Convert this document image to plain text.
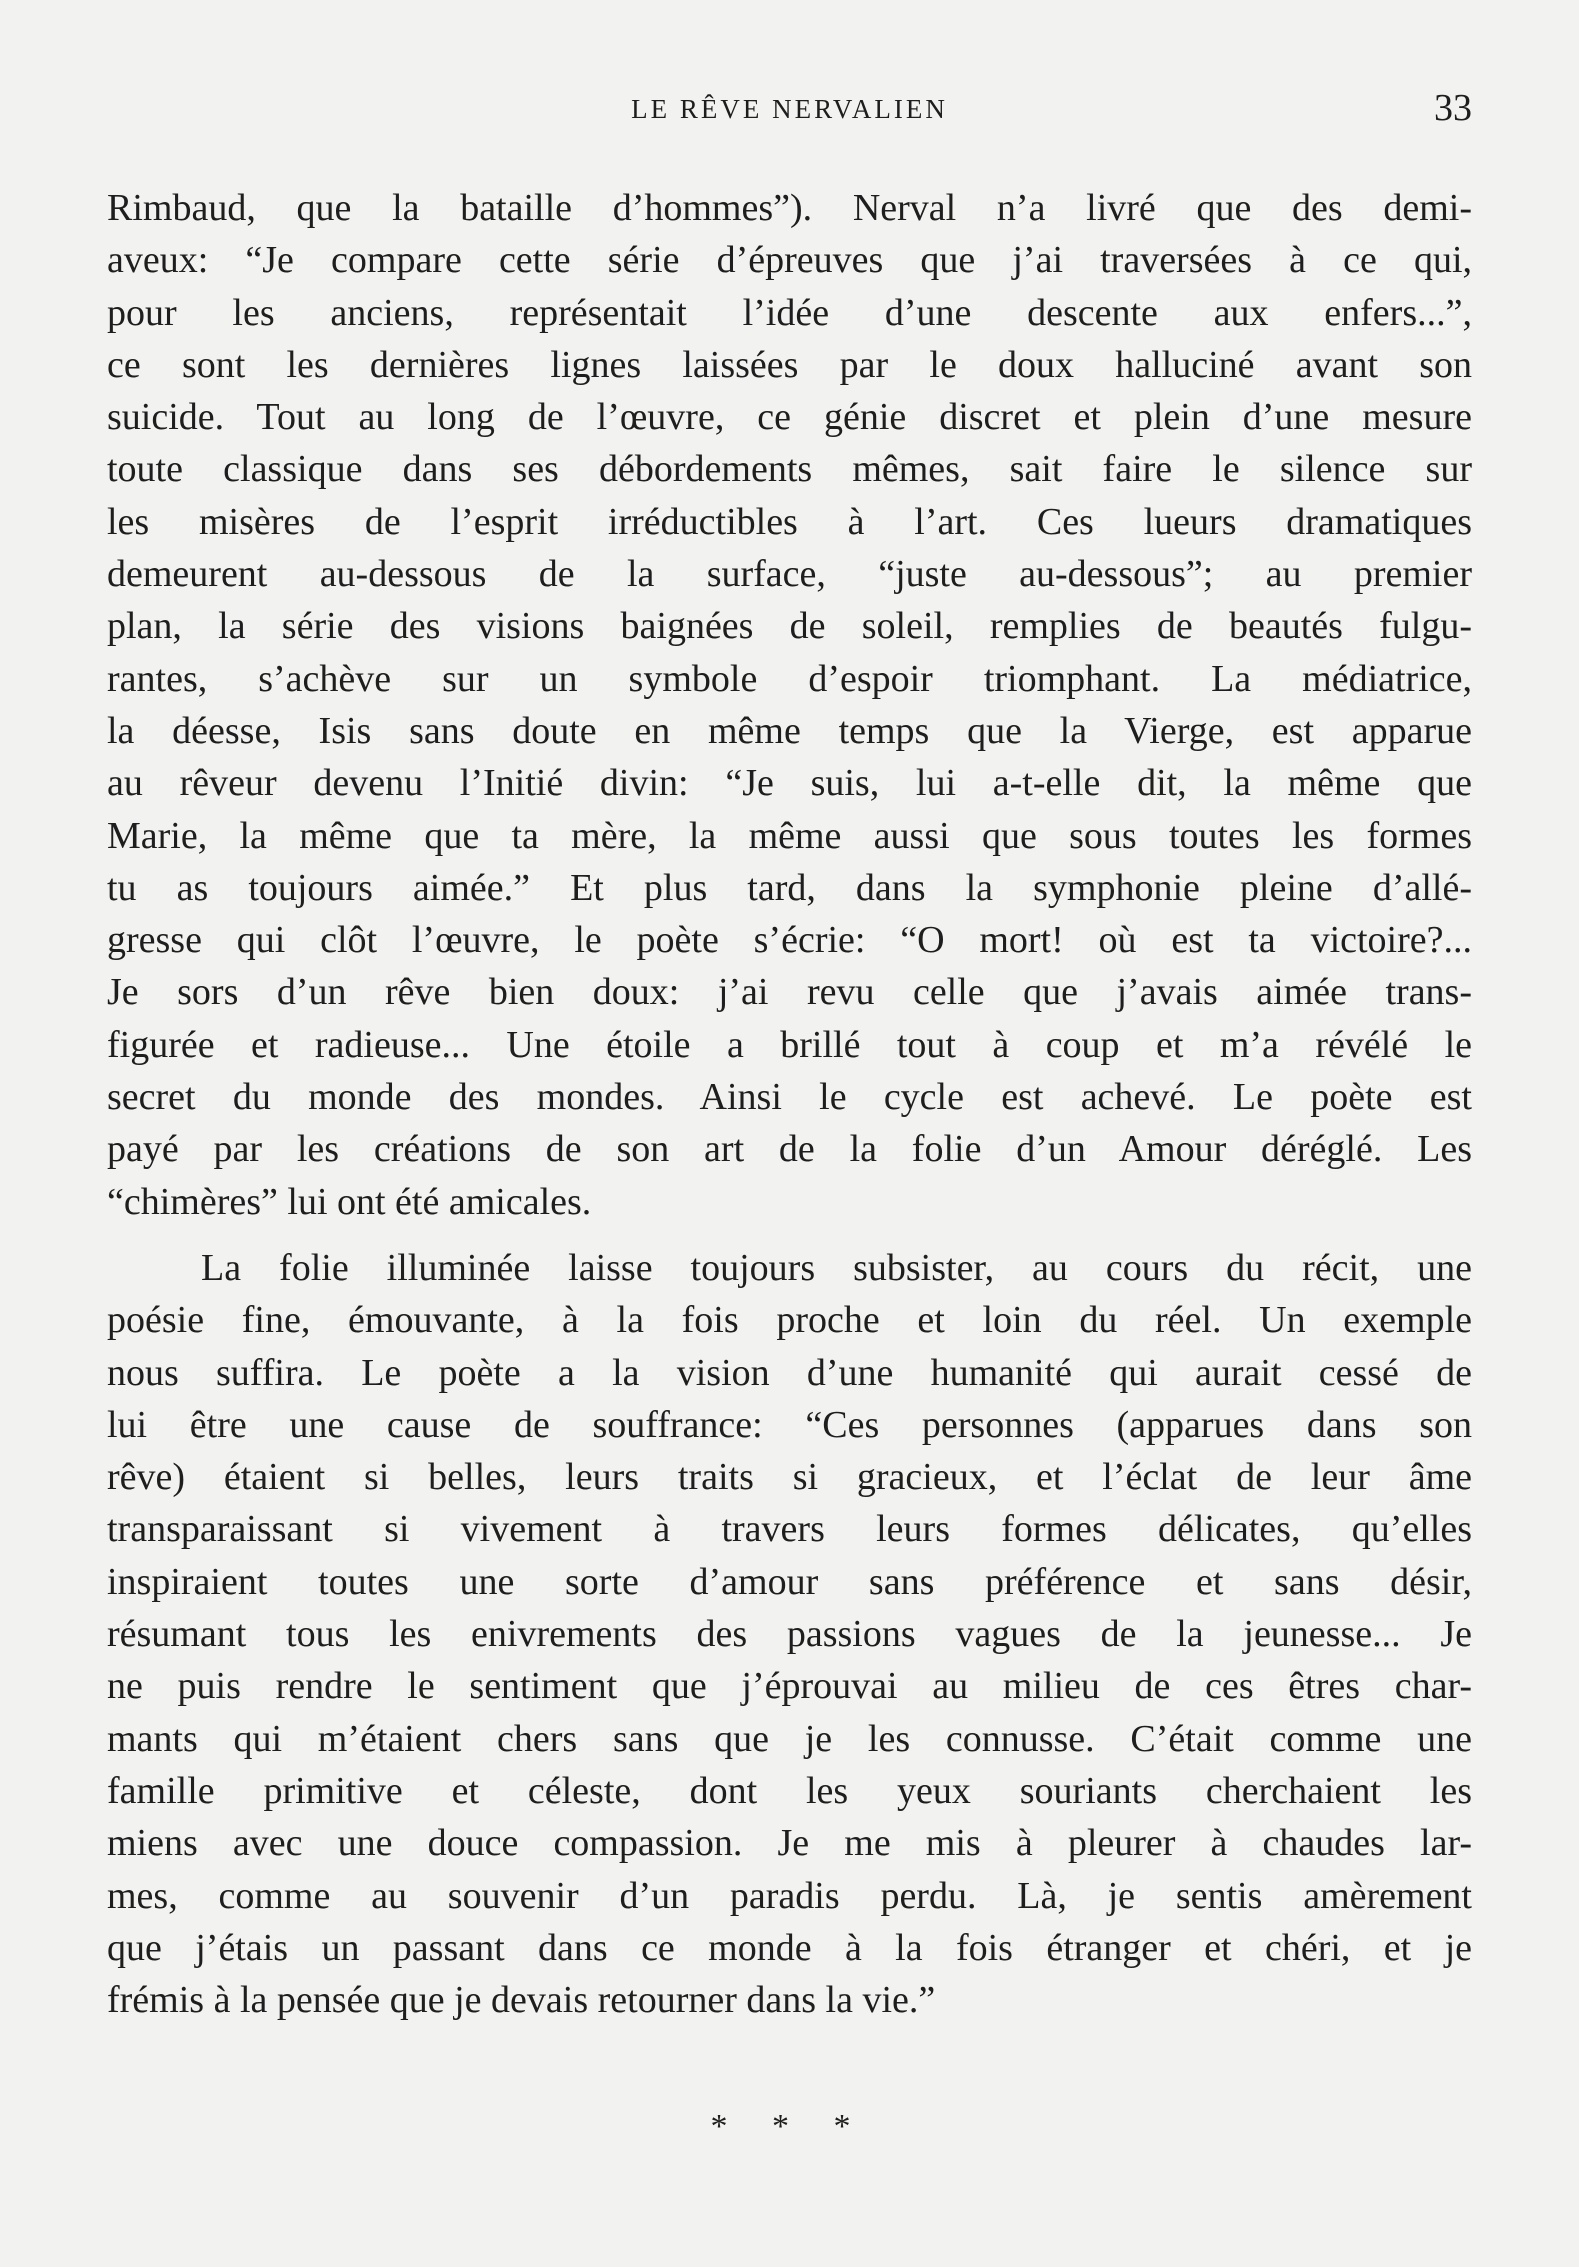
LE RÊVE NERVALIEN	33

Rimbaud, que la bataille d’hommes”). Nerval n’a livré que des demi-
aveux: “Je compare cette série d’épreuves que j’ai traversées à ce qui,
pour les anciens, représentait l’idée d’une descente aux enfers...”,
ce sont les dernières lignes laissées par le doux halluciné avant son
suicide. Tout au long de l’œuvre, ce génie discret et plein d’une mesure
toute classique dans ses débordements mêmes, sait faire le silence sur
les misères de l’esprit irréductibles à l’art. Ces lueurs dramatiques
demeurent au-dessous de la surface, “juste au-dessous”; au premier
plan, la série des visions baignées de soleil, remplies de beautés fulgu-
rantes, s’achève sur un symbole d’espoir triomphant. La médiatrice,
la déesse, Isis sans doute en même temps que la Vierge, est apparue
au rêveur devenu l’Initié divin: “Je suis, lui a-t-elle dit, la même que
Marie, la même que ta mère, la même aussi que sous toutes les formes
tu as toujours aimée.” Et plus tard, dans la symphonie pleine d’allé-
gresse qui clôt l’œuvre, le poète s’écrie: “O mort! où est ta victoire?...
Je sors d’un rêve bien doux: j’ai revu celle que j’avais aimée trans-
figurée et radieuse... Une étoile a brillé tout à coup et m’a révélé le
secret du monde des mondes. Ainsi le cycle est achevé. Le poète est
payé par les créations de son art de la folie d’un Amour déréglé. Les
“chimères” lui ont été amicales.

La folie illuminée laisse toujours subsister, au cours du récit, une
poésie fine, émouvante, à la fois proche et loin du réel. Un exemple
nous suffira. Le poète a la vision d’une humanité qui aurait cessé de
lui être une cause de souffrance: “Ces personnes (apparues dans son
rêve) étaient si belles, leurs traits si gracieux, et l’éclat de leur âme
transparaissant si vivement à travers leurs formes délicates, qu’elles
inspiraient toutes une sorte d’amour sans préférence et sans désir,
résumant tous les enivrements des passions vagues de la jeunesse... Je
ne puis rendre le sentiment que j’éprouvai au milieu de ces êtres char-
mants qui m’étaient chers sans que je les connusse. C’était comme une
famille primitive et céleste, dont les yeux souriants cherchaient les
miens avec une douce compassion. Je me mis à pleurer à chaudes lar-
mes, comme au souvenir d’un paradis perdu. Là, je sentis amèrement
que j’étais un passant dans ce monde à la fois étranger et chéri, et je
frémis à la pensée que je devais retourner dans la vie.”

* * *
